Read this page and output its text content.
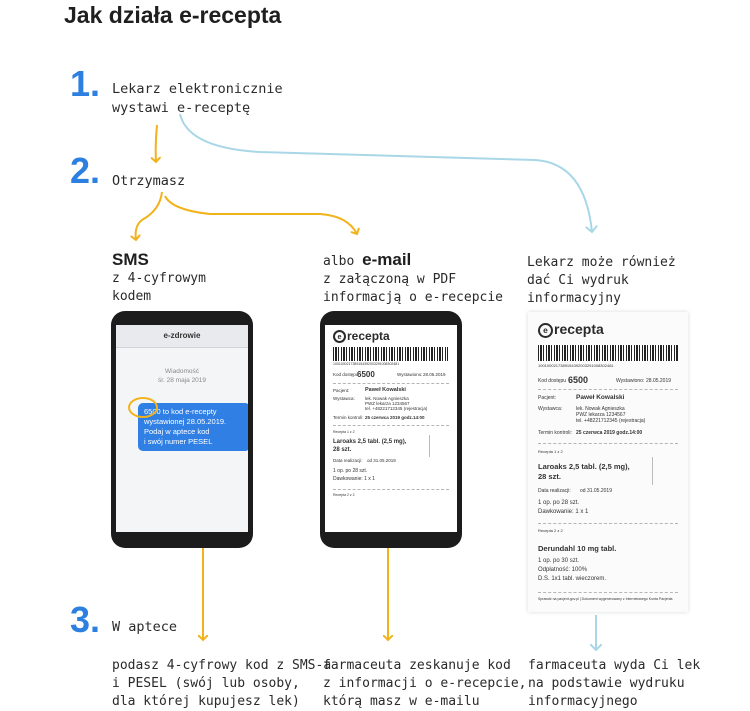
Jak działa e-recepta
1. Lekarz elektronicznie
wystawi e-receptę
2. Otrzymasz
SMS
z 4-cyfrowym
kodem
albo e-mail
z załączoną w PDF
informacją o e-recepcie
Lekarz może również
dać Ci wydruk
informacyjny
e-zdrowie
Wiadomość
śr. 28 maja 2019
6500 to kod e-recepty
wystawionej 28.05.2019.
Podaj w aptece kod
i swój numer PESEL
e recepta
1001000217389154392003291008302481
Kod dostępu
6500	Wystawiono: 28.05.2019
Pacjent:	Paweł Kowalski
Wystawca: lek. Nowak Agnieszka
PWZ lekarza 1234567
tel. +48221712345 (rejestracja)
Termin kontroli: 25 czerwca 2019 godz.14:00
Recepta 1 z 2
Laroaks 2,5 tabl. (2,5 mg),
28 szt.
Data realizacji: od 31.05.2019
1 op. po 28 szt.
Dawkowanie: 1 x 1
Recepta 2 z 2
e recepta
1001000217389154392003291008302481
Kod dostępu 6500	Wystawiono: 28.05.2019
Pacjent:	Paweł Kowalski
Wystawca:	lek. Nowak Agnieszka
PWZ lekarza 1234567
tel. +48221712345 (rejestracja)
Termin kontroli: 25 czerwca 2019 godz.14:00
Recepta 1 z 2
Laroaks 2,5 tabl. (2,5 mg),
28 szt.
Data realizacji: od 31.05.2019
1 op. po 28 szt.
Dawkowanie: 1 x 1
Recepta 2 z 2
Derundahl 10 mg tabl.
1 op. po 30 szt.
Odpłatność: 100%
D.S. 1x1 tabl. wieczorem.
Sprawdź na pacjent.gov.pl | Dokument wygenerowany z Internetowego Konta Pacjenta
3. W aptece
podasz 4-cyfrowy kod z SMS-a
i PESEL (swój lub osoby,
dla której kupujesz lek)
farmaceuta zeskanuje kod
z informacji o e-recepcie,
którą masz w e-mailu
farmaceuta wyda Ci lek
na podstawie wydruku
informacyjnego
